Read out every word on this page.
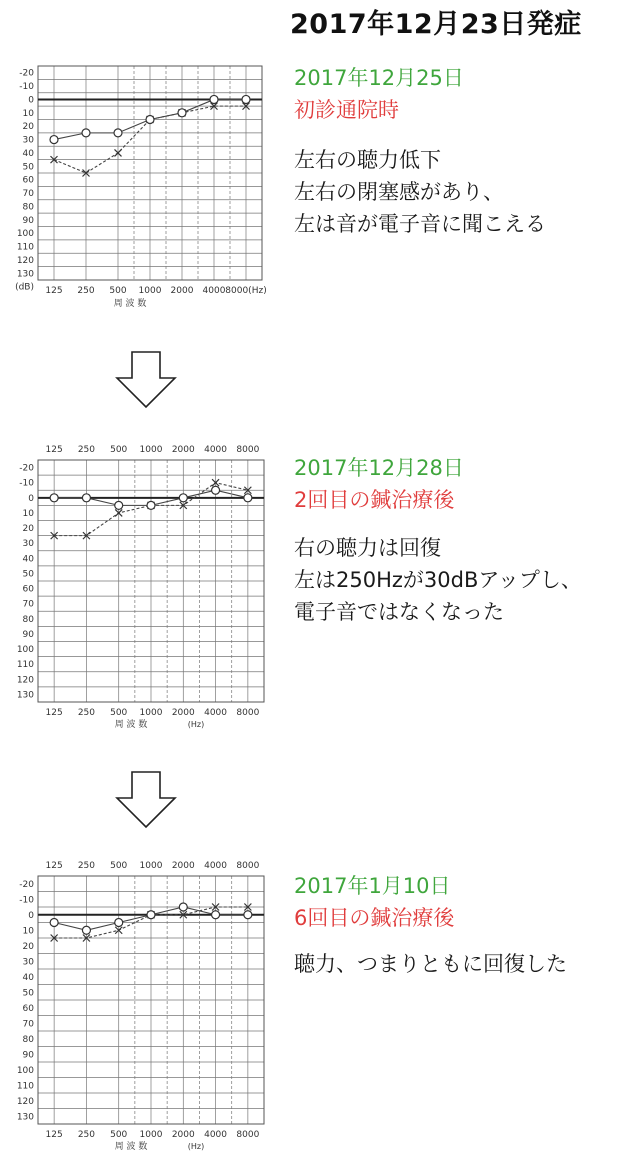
2017年12月23日発症
-20
-10
0
10
20
30
40
50
60
70
80
90
100
110
120
130
(dB) 125 250 500 1000 2000 4000 8000(Hz)
周 波 数
2017年12月25日
初診通院時
左右の聴力低下
左右の閉塞感があり、
左は音が電子音に聞こえる
-20
-10
0
10
20
30
40
50
60
70
80
90
100
110
120
130
125 250 500 1000 2000 4000 8000
125 250 500 1000 2000 4000 8000
周 波 数	(Hz)
2017年12月28日
2回目の鍼治療後
右の聴力は回復
左は250Hzが30dBアップし、
電子音ではなくなった
-20
-10
0
10
20
30
40
50
60
70
80
90
100
110
120
130
125 250 500 1000 2000 4000 8000
125 250 500 1000 2000 4000 8000
周 波 数	(Hz)
2017年1月10日
6回目の鍼治療後
聴力、つまりともに回復した
